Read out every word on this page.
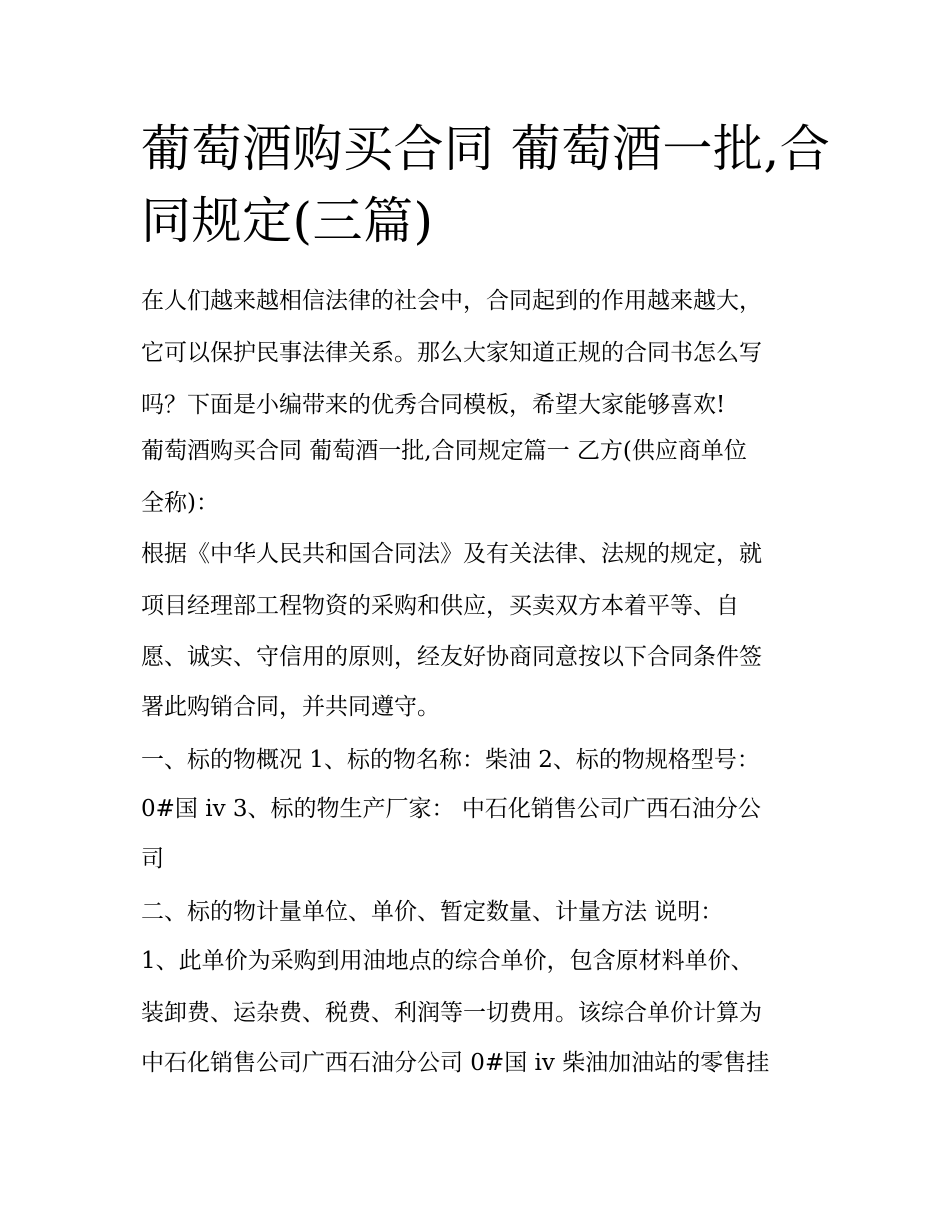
葡萄酒购买合同 葡萄酒一批,合
同规定(三篇)

在人们越来越相信法律的社会中，合同起到的作用越来越大，

它可以保护民事法律关系。那么大家知道正规的合同书怎么写

吗？下面是小编带来的优秀合同模板，希望大家能够喜欢!

葡萄酒购买合同 葡萄酒一批,合同规定篇一 乙方(供应商单位

全称)：

根据《中华人民共和国合同法》及有关法律、法规的规定，就

项目经理部工程物资的采购和供应，买卖双方本着平等、自

愿、诚实、守信用的原则，经友好协商同意按以下合同条件签

署此购销合同，并共同遵守。

一、标的物概况 1、标的物名称：柴油 2、标的物规格型号：

0#国 iv 3、标的物生产厂家： 中石化销售公司广西石油分公

司

二、标的物计量单位、单价、暂定数量、计量方法 说明：

1、此单价为采购到用油地点的综合单价，包含原材料单价、

装卸费、运杂费、税费、利润等一切费用。该综合单价计算为

中石化销售公司广西石油分公司 0#国 iv 柴油加油站的零售挂
